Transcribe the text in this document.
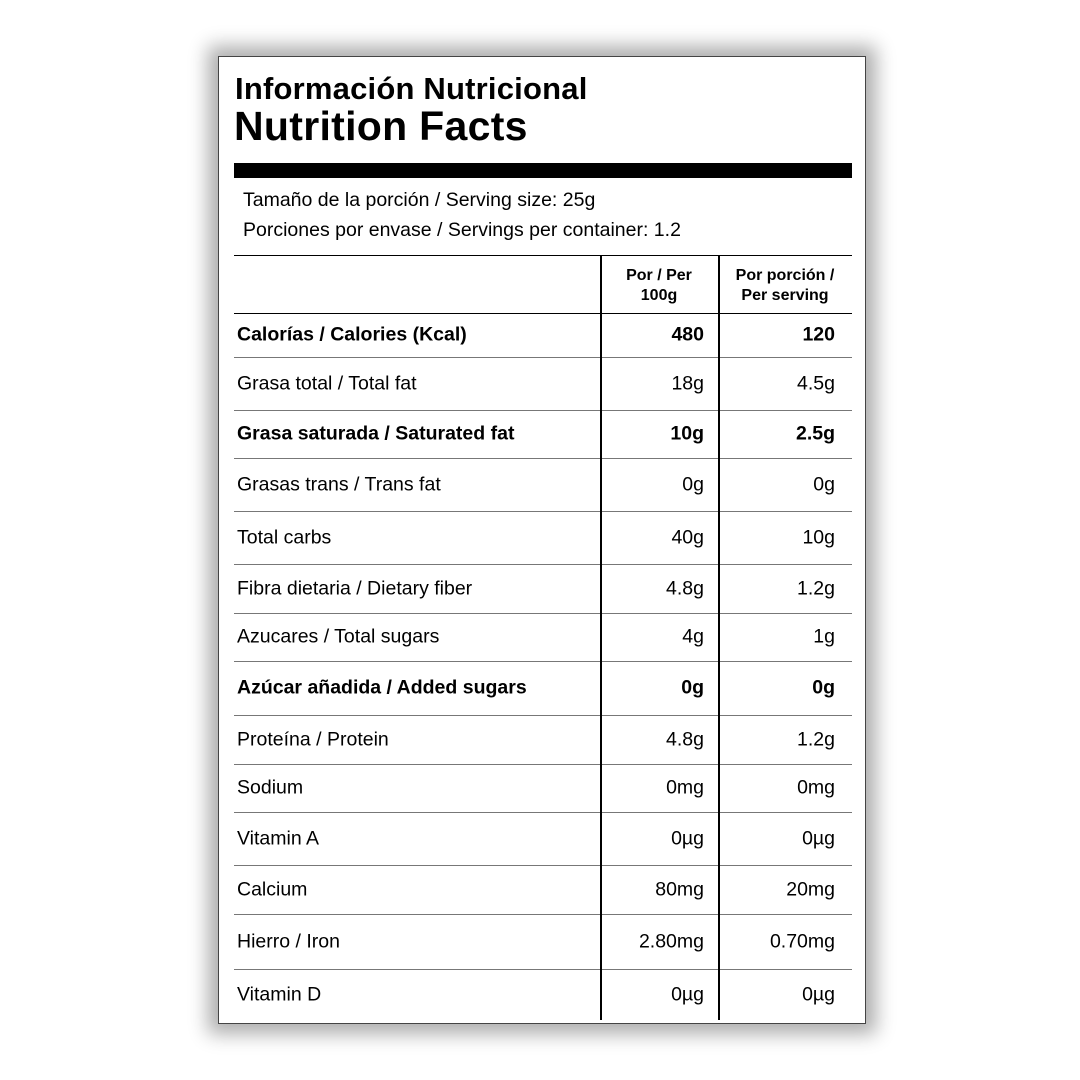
Información Nutricional
Nutrition Facts
Tamaño de la porción / Serving size: 25g
Porciones por envase / Servings per container: 1.2
Por / Per
100g
Por porción /
Per serving
Calorías / Calories (Kcal)	480	120
Grasa total / Total fat	18g	4.5g
Grasa saturada / Saturated fat	10g	2.5g
Grasas trans / Trans fat	0g	0g
Total carbs	40g	10g
Fibra dietaria / Dietary fiber	4.8g	1.2g
Azucares / Total sugars	4g	1g
Azúcar añadida / Added sugars	0g	0g
Proteína / Protein	4.8g	1.2g
Sodium	0mg	0mg
Vitamin A	0µg	0µg
Calcium	80mg	20mg
Hierro / Iron	2.80mg	0.70mg
Vitamin D	0µg	0µg
